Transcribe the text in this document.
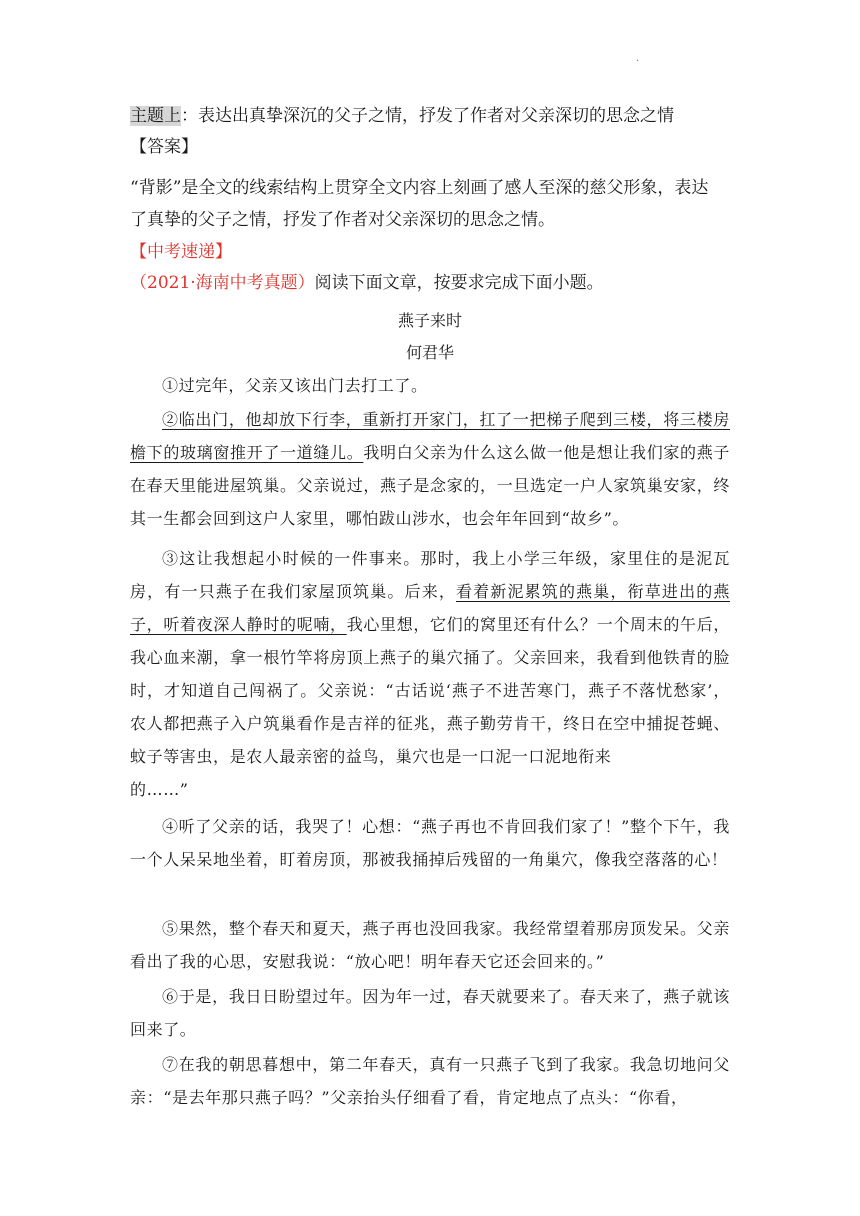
·
主题上：表达出真挚深沉的父子之情，抒发了作者对父亲深切的思念之情
【答案】
“背影”是全文的线索结构上贯穿全文内容上刻画了感人至深的慈父形象，表达
了真挚的父子之情，抒发了作者对父亲深切的思念之情。
【中考速递】
（2021·海南中考真题）阅读下面文章，按要求完成下面小题。
燕子来时
何君华
①过完年，父亲又该出门去打工了。
②临出门，他却放下行李，重新打开家门，扛了一把梯子爬到三楼，将三楼房檐下的玻璃窗推开了一道缝儿。我明白父亲为什么这么做一他是想让我们家的燕子在春天里能进屋筑巢。父亲说过，燕子是念家的，一旦选定一户人家筑巢安家，终其一生都会回到这户人家里，哪怕跋山涉水，也会年年回到“故乡”。
③这让我想起小时候的一件事来。那时，我上小学三年级，家里住的是泥瓦房，有一只燕子在我们家屋顶筑巢。后来，看着新泥累筑的燕巢，衔草进出的燕子，听着夜深人静时的呢喃，我心里想，它们的窝里还有什么？一个周末的午后，我心血来潮，拿一根竹竿将房顶上燕子的巢穴捅了。父亲回来，我看到他铁青的脸时，才知道自己闯祸了。父亲说：“古话说‘燕子不进苦寒门，燕子不落忧愁家’，农人都把燕子入户筑巢看作是吉祥的征兆，燕子勤劳肯干，终日在空中捕捉苍蝇、蚊子等害虫，是农人最亲密的益鸟，巢穴也是一口泥一口泥地衔来
的……”
④听了父亲的话，我哭了！心想：“燕子再也不肯回我们家了！”整个下午，我一个人呆呆地坐着，盯着房顶，那被我捅掉后残留的一角巢穴，像我空落落的心！
⑤果然，整个春天和夏天，燕子再也没回我家。我经常望着那房顶发呆。父亲看出了我的心思，安慰我说：“放心吧！明年春天它还会回来的。”
⑥于是，我日日盼望过年。因为年一过，春天就要来了。春天来了，燕子就该回来了。
⑦在我的朝思暮想中，第二年春天，真有一只燕子飞到了我家。我急切地问父亲：“是去年那只燕子吗？”父亲抬头仔细看了看，肯定地点了点头：“你看，
